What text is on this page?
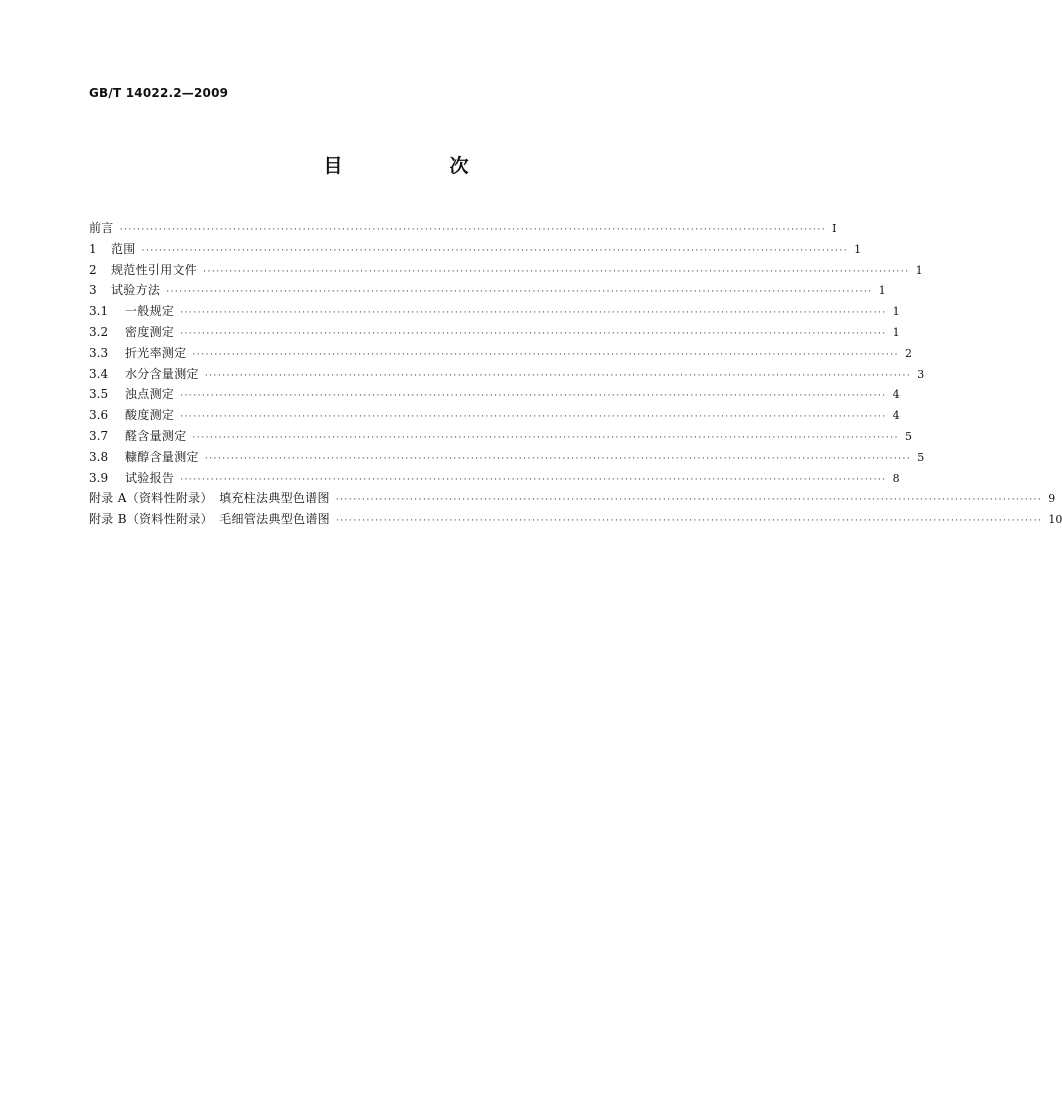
GB/T 14022.2—2009
目　次
前言 ·································································································································································· Ⅰ
1	范围 ·································································································································································· 1
2	规范性引用文件 ·································································································································································· 1
3	试验方法 ·································································································································································· 1
3.1	一般规定 ·································································································································································· 1
3.2	密度测定 ·································································································································································· 1
3.3	折光率测定 ·································································································································································· 2
3.4	水分含量测定 ·································································································································································· 3
3.5	浊点测定 ·································································································································································· 4
3.6	酸度测定 ·································································································································································· 4
3.7	醛含量测定 ·································································································································································· 5
3.8	糠醇含量测定 ·································································································································································· 5
3.9	试验报告 ·································································································································································· 8
附录 A（资料性附录）　填充柱法典型色谱图 ·································································································································································· 9
附录 B（资料性附录）　毛细管法典型色谱图 ·································································································································································· 10
